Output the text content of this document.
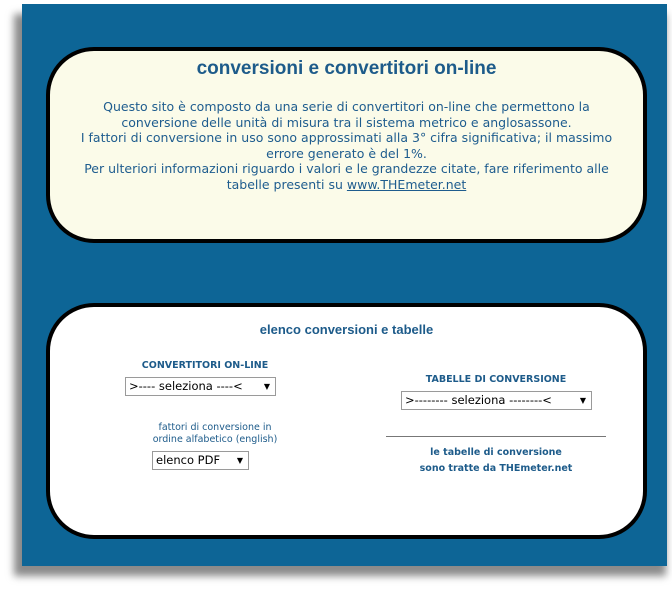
conversioni e convertitori on-line
Questo sito è composto da una serie di convertitori on-line che permettono la conversione delle unità di misura tra il sistema metrico e anglosassone.
I fattori di conversione in uso sono approssimati alla 3° cifra significativa; il massimo errore generato è del 1%.
Per ulteriori informazioni riguardo i valori e le grandezze citate, fare riferimento alle tabelle presenti su www.THEmeter.net
elenco conversioni e tabelle
CONVERTITORI ON-LINE
>---- seleziona ----<	▼
TABELLE DI CONVERSIONE
>-------- seleziona --------<	▼
fattori di conversione in
ordine alfabetico (english)
elenco PDF ▼
le tabelle di conversione
sono tratte da THEmeter.net
